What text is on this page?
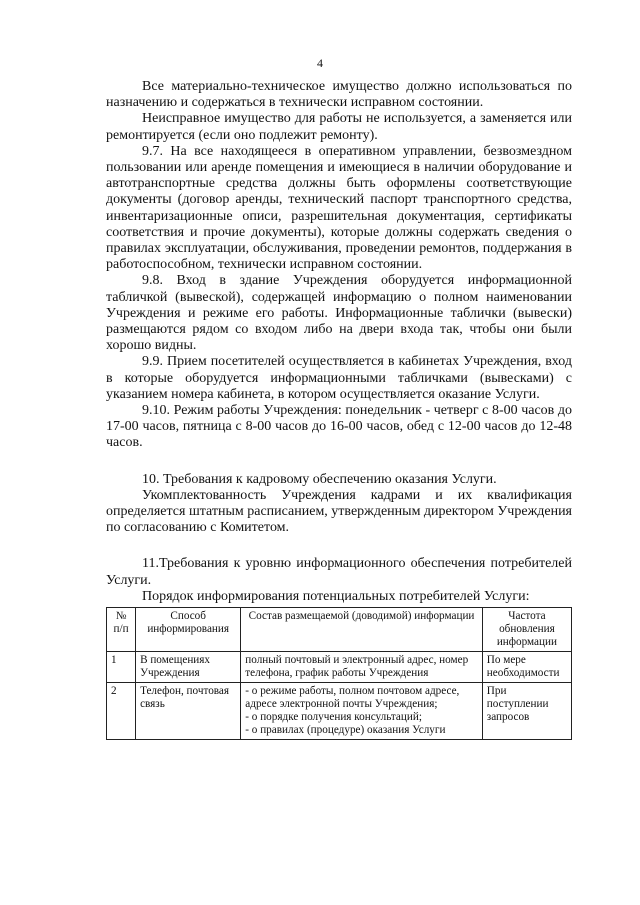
4

Все материально-техническое имущество должно использоваться по назначению и содержаться в технически исправном состоянии.

Неисправное имущество для работы не используется, а заменяется или ремонтируется (если оно подлежит ремонту).

9.7. На все находящееся в оперативном управлении, безвозмездном пользовании или аренде помещения и имеющиеся в наличии оборудование и автотранспортные средства должны быть оформлены соответствующие документы (договор аренды, технический паспорт транспортного средства, инвентаризационные описи, разрешительная документация, сертификаты соответствия и прочие документы), которые должны содержать сведения о правилах эксплуатации, обслуживания, проведении ремонтов, поддержания в работоспособном, технически исправном состоянии.

9.8. Вход в здание Учреждения оборудуется информационной табличкой (вывеской), содержащей информацию о полном наименовании Учреждения и режиме его работы. Информационные таблички (вывески) размещаются рядом со входом либо на двери входа так, чтобы они были хорошо видны.

9.9. Прием посетителей осуществляется в кабинетах Учреждения, вход в которые оборудуется информационными табличками (вывесками) с указанием номера кабинета, в котором осуществляется оказание Услуги.

9.10. Режим работы Учреждения: понедельник - четверг с 8-00 часов до 17-00 часов, пятница с 8-00 часов до 16-00 часов, обед с 12-00 часов до 12-48 часов.

10. Требования к кадровому обеспечению оказания Услуги.

Укомплектованность Учреждения кадрами и их квалификация определяется штатным расписанием, утвержденным директором Учреждения по согласованию с Комитетом.

11.Требования к уровню информационного обеспечения потребителей Услуги.

Порядок информирования потенциальных потребителей Услуги:

№ п/п	Способ информирования	Состав размещаемой (доводимой) информации	Частота обновления информации
1	В помещениях Учреждения	полный почтовый и электронный адрес, номер телефона, график работы Учреждения	По мере необходимости
2	Телефон, почтовая связь	- о режиме работы, полном почтовом адресе, адресе электронной почты Учреждения;
- о порядке получения консультаций;
- о правилах (процедуре) оказания Услуги	При поступлении запросов
